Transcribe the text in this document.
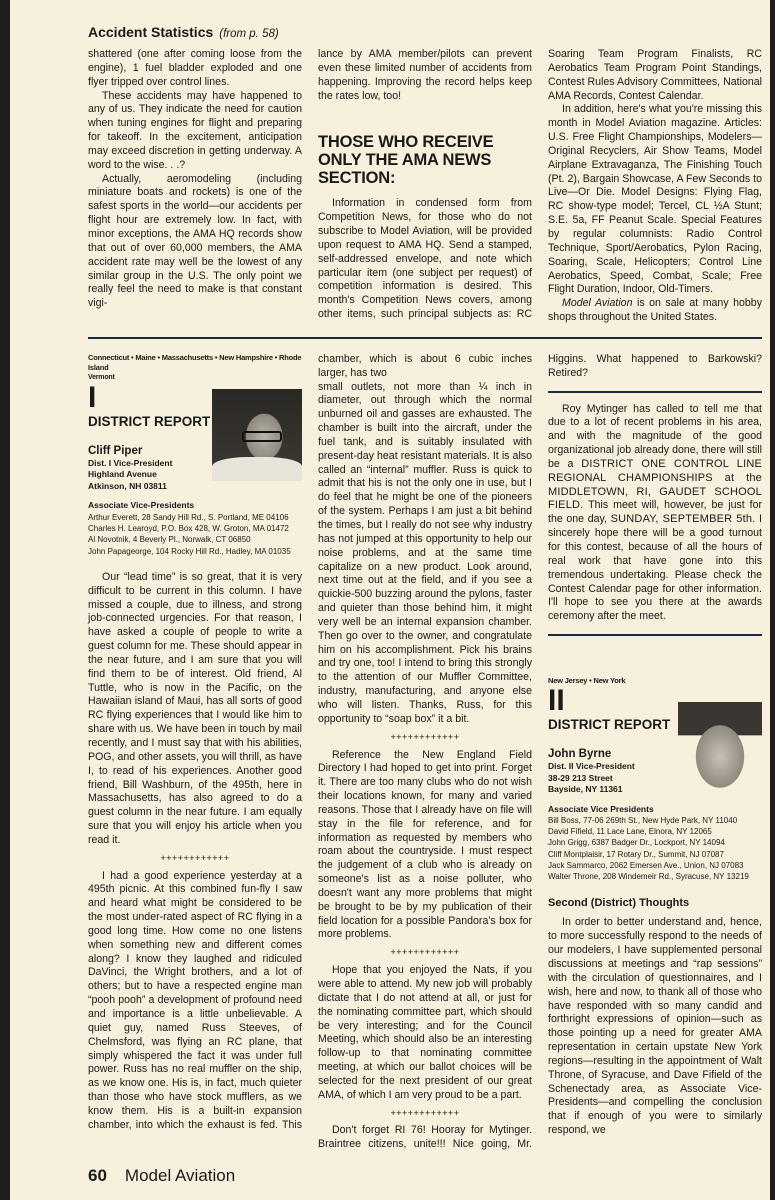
Accident Statistics (from p. 58)

shattered (one after coming loose from the engine), 1 fuel bladder exploded and one flyer tripped over control lines.

These accidents may have happened to any of us. They indicate the need for caution when tuning engines for flight and preparing for takeoff. In the excitement, anticipation may exceed discretion in getting underway. A word to the wise. . .?

Actually, aeromodeling (including miniature boats and rockets) is one of the safest sports in the world—our accidents per flight hour are extremely low. In fact, with minor exceptions, the AMA HQ records show that out of over 60,000 members, the AMA accident rate may well be the lowest of any similar group in the U.S. The only point we really feel the need to make is that constant vigi-

lance by AMA member/pilots can prevent even these limited number of accidents from happening. Improving the record helps keep the rates low, too!

THOSE WHO RECEIVE ONLY THE AMA NEWS SECTION:

Information in condensed form from Competition News, for those who do not subscribe to Model Aviation, will be provided upon request to AMA HQ. Send a stamped, self-addressed envelope, and note which particular item (one subject per request) of competition information is desired. This month's Competition News covers, among other items, such principal subjects as: RC Soaring Team Program Finalists, RC Aerobatics Team Program Point Standings, Contest Rules Advisory Committees, National AMA Records, Contest Calendar.

In addition, here's what you're missing this month in Model Aviation magazine. Articles: U.S. Free Flight Championships, Modelers—Original Recyclers, Air Show Teams, Model Airplane Extravaganza, The Finishing Touch (Pt. 2), Bargain Showcase, A Few Seconds to Live—Or Die. Model Designs: Flying Flag, RC show-type model; Tercel, CL ½A Stunt; S.E. 5a, FF Peanut Scale. Special Features by regular columnists: Radio Control Technique, Sport/Aerobatics, Pylon Racing, Soaring, Scale, Helicopters; Control Line Aerobatics, Speed, Combat, Scale; Free Flight Duration, Indoor, Old-Timers.

Model Aviation is on sale at many hobby shops throughout the United States.

Connecticut • Maine • Massachusetts • New Hampshire • Rhode Island
Vermont
I
DISTRICT REPORT
Cliff Piper
Dist. I Vice-President
Highland Avenue
Atkinson, NH 03811
Associate Vice-Presidents
Arthur Everett, 28 Sandy Hill Rd., S. Portland, ME 04106
Charles H. Learoyd, P.O. Box 428, W. Groton, MA 01472
Al Novotnik, 4 Beverly Pl., Norwalk, CT 06850
John Papageorge, 104 Rocky Hill Rd., Hadley, MA 01035

Our “lead time” is so great, that it is very difficult to be current in this column. I have missed a couple, due to illness, and strong job-connected urgencies. For that reason, I have asked a couple of people to write a guest column for me. These should appear in the near future, and I am sure that you will find them to be of interest. Old friend, Al Tuttle, who is now in the Pacific, on the Hawaiian island of Maui, has all sorts of good RC flying experiences that I would like him to share with us. We have been in touch by mail recently, and I must say that with his abilities, POG, and other assets, you will thrill, as have I, to read of his experiences. Another good friend, Bill Washburn, of the 495th, here in Massachusetts, has also agreed to do a guest column in the near future. I am equally sure that you will enjoy his article when you read it.

++++++++++++

I had a good experience yesterday at a 495th picnic. At this combined fun-fly I saw and heard what might be considered to be the most under-rated aspect of RC flying in a good long time. How come no one listens when something new and different comes along? I know they laughed and ridiculed DaVinci, the Wright brothers, and a lot of others; but to have a respected engine man “pooh pooh” a development of profound need and importance is a little unbelievable. A quiet guy, named Russ Steeves, of Chelmsford, was flying an RC plane, that simply whispered the fact it was under full power. Russ has no real muffler on the ship, as we know one. His is, in fact, much quieter than those who have stock mufflers, as we know them. His is a built-in expansion chamber, into which the exhaust is fed. This chamber, which is about 6 cubic inches larger, has two

small outlets, not more than ¼ inch in diameter, out through which the normal unburned oil and gasses are exhausted. The chamber is built into the aircraft, under the fuel tank, and is suitably insulated with present-day heat resistant materials. It is also called an “internal” muffler. Russ is quick to admit that his is not the only one in use, but I do feel that he might be one of the pioneers of the system. Perhaps I am just a bit behind the times, but I really do not see why industry has not jumped at this opportunity to help our noise problems, and at the same time capitalize on a new product. Look around, next time out at the field, and if you see a quickie-500 buzzing around the pylons, faster and quieter than those behind him, it might very well be an internal expansion chamber. Then go over to the owner, and congratulate him on his accomplishment. Pick his brains and try one, too! I intend to bring this strongly to the attention of our Muffler Committee, industry, manufacturing, and anyone else who will listen. Thanks, Russ, for this opportunity to “soap box” it a bit.

++++++++++++

Reference the New England Field Directory I had hoped to get into print. Forget it. There are too many clubs who do not wish their locations known, for many and varied reasons. Those that I already have on file will stay in the file for reference, and for information as requested by members who roam about the countryside. I must respect the judgement of a club who is already on someone's list as a noise polluter, who doesn't want any more problems that might be brought to be by my publication of their field location for a possible Pandora's box for more problems.

++++++++++++

Hope that you enjoyed the Nats, if you were able to attend. My new job will probably dictate that I do not attend at all, or just for the nominating committee part, which should be very interesting; and for the Council Meeting, which should also be an interesting follow-up to that nominating committee meeting, at which our ballot choices will be selected for the next president of our great AMA, of which I am very proud to be a part.

++++++++++++

Don't forget RI 76! Hooray for Mytinger. Braintree citizens, unite!!! Nice going, Mr. Higgins. What happened to Barkowski? Retired?

Roy Mytinger has called to tell me that due to a lot of recent problems in his area, and with the magnitude of the good organizational job already done, there will still be a DISTRICT ONE CONTROL LINE REGIONAL CHAMPIONSHIPS at the MIDDLETOWN, RI, GAUDET SCHOOL FIELD. This meet will, however, be just for the one day, SUNDAY, SEPTEMBER 5th. I sincerely hope there will be a good turnout for this contest, because of all the hours of real work that have gone into this tremendous undertaking. Please check the Contest Calendar page for other information. I'll hope to see you there at the awards ceremony after the meet.

New Jersey • New York
II
DISTRICT REPORT
John Byrne
Dist. II Vice-President
38-29 213 Street
Bayside, NY 11361
Associate Vice Presidents
Bill Boss, 77-06 269th St., New Hyde Park, NY 11040
David Fifield, 11 Lace Lane, Elnora, NY 12065
John Grigg, 6387 Badger Dr., Lockport, NY 14094
Cliff Montplaisir, 17 Rotary Dr., Summit, NJ 07087
Jack Sammarco, 2062 Emersen Ave., Union, NJ 07083
Walter Throne, 208 Windemeir Rd., Syracuse, NY 13219
Second (District) Thoughts

In order to better understand and, hence, to more successfully respond to the needs of our modelers, I have supplemented personal discussions at meetings and “rap sessions” with the circulation of questionnaires, and I wish, here and now, to thank all of those who have responded with so many candid and forthright expressions of opinion—such as those pointing up a need for greater AMA representation in certain upstate New York regions—resulting in the appointment of Walt Throne, of Syracuse, and Dave Fifield of the Schenectady area, as Associate Vice-Presidents—and compelling the conclusion that if enough of you were to similarly respond, we

60 Model Aviation
